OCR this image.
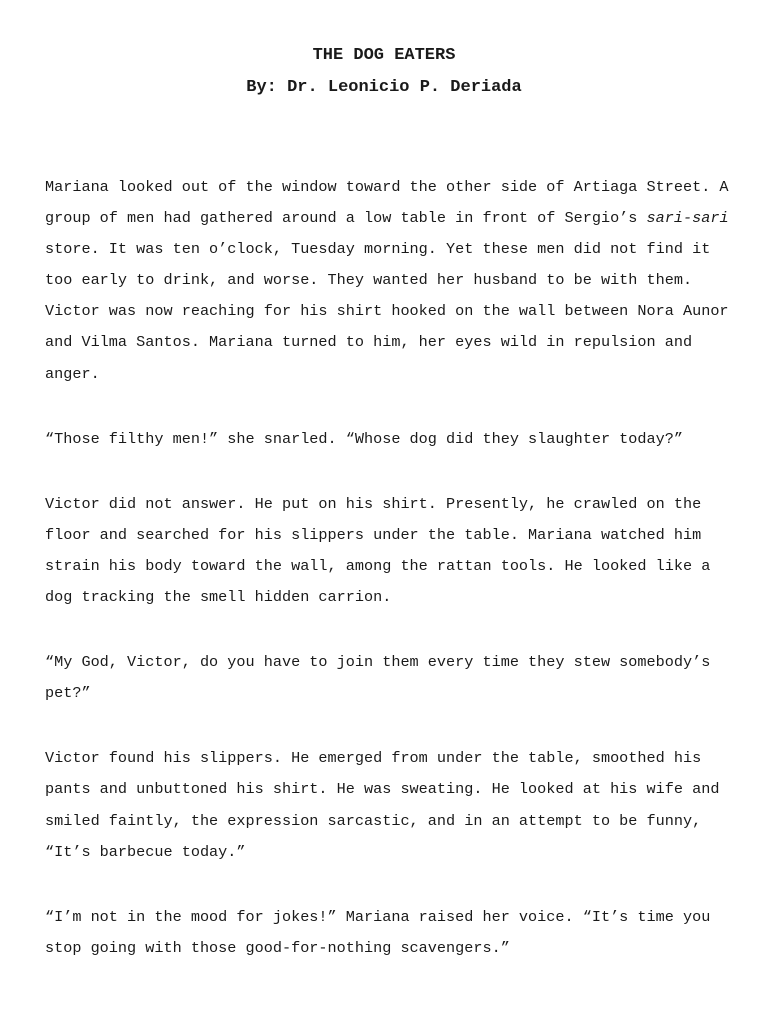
THE DOG EATERS
By: Dr. Leonicio P. Deriada

Mariana looked out of the window toward the other side of Artiaga Street. A group of men had gathered around a low table in front of Sergio’s sari-sari store. It was ten o’clock, Tuesday morning. Yet these men did not find it too early to drink, and worse. They wanted her husband to be with them. Victor was now reaching for his shirt hooked on the wall between Nora Aunor and Vilma Santos. Mariana turned to him, her eyes wild in repulsion and anger.

“Those filthy men!” she snarled. “Whose dog did they slaughter today?”

Victor did not answer. He put on his shirt. Presently, he crawled on the floor and searched for his slippers under the table. Mariana watched him strain his body toward the wall, among the rattan tools. He looked like a dog tracking the smell hidden carrion.

“My God, Victor, do you have to join them every time they stew somebody’s pet?”

Victor found his slippers. He emerged from under the table, smoothed his pants and unbuttoned his shirt. He was sweating. He looked at his wife and smiled faintly, the expression sarcastic, and in an attempt to be funny, “It’s barbecue today.”

“I’m not in the mood for jokes!” Mariana raised her voice. “It’s time you stop going with those good-for-nothing scavengers.”
